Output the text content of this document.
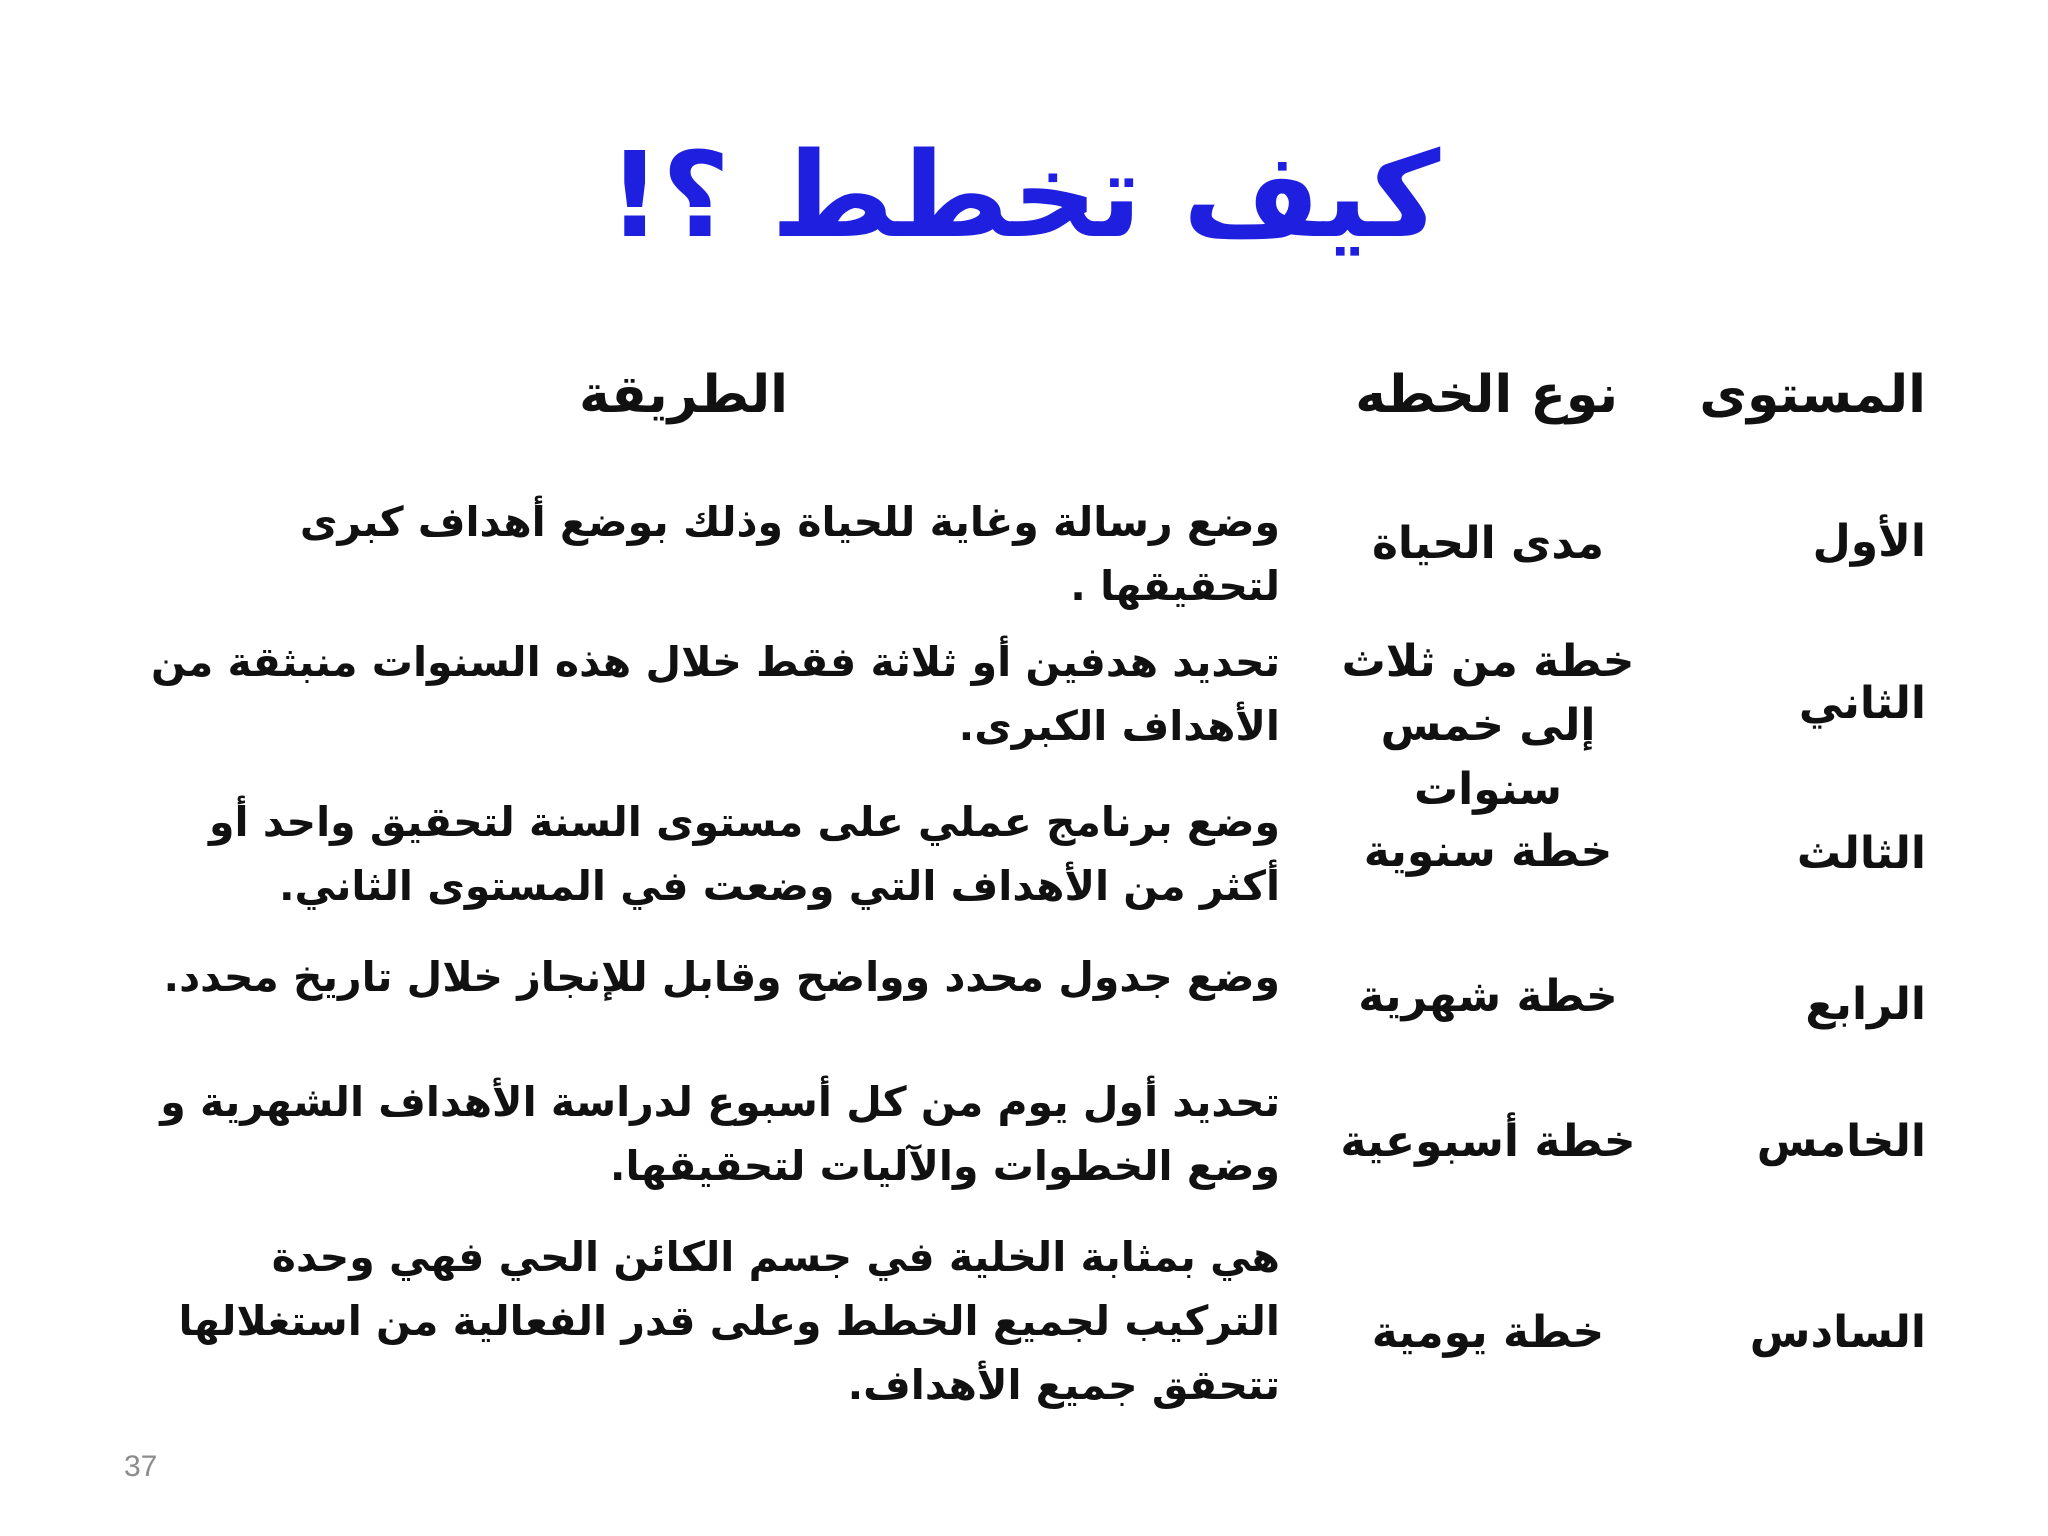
كيف تخطط ؟!
المستوى
نوع الخطه
الطريقة
الأول
مدى الحياة
وضع رسالة وغاية للحياة وذلك بوضع أهداف كبرى لتحقيقها .
الثاني
خطة من ثلاث إلى خمس سنوات
تحديد هدفين أو ثلاثة فقط خلال هذه السنوات منبثقة من الأهداف الكبرى.
الثالث
خطة سنوية
وضع برنامج عملي على مستوى السنة لتحقيق واحد أو أكثر من الأهداف التي وضعت في المستوى الثاني.
الرابع
خطة شهرية
وضع جدول محدد وواضح وقابل للإنجاز خلال تاريخ محدد.
الخامس
خطة أسبوعية
تحديد أول يوم من كل أسبوع لدراسة الأهداف الشهرية و وضع الخطوات والآليات لتحقيقها.
السادس
خطة يومية
هي بمثابة الخلية في جسم الكائن الحي فهي وحدة التركيب لجميع الخطط وعلى قدر الفعالية من استغلالها تتحقق جميع الأهداف.
37
